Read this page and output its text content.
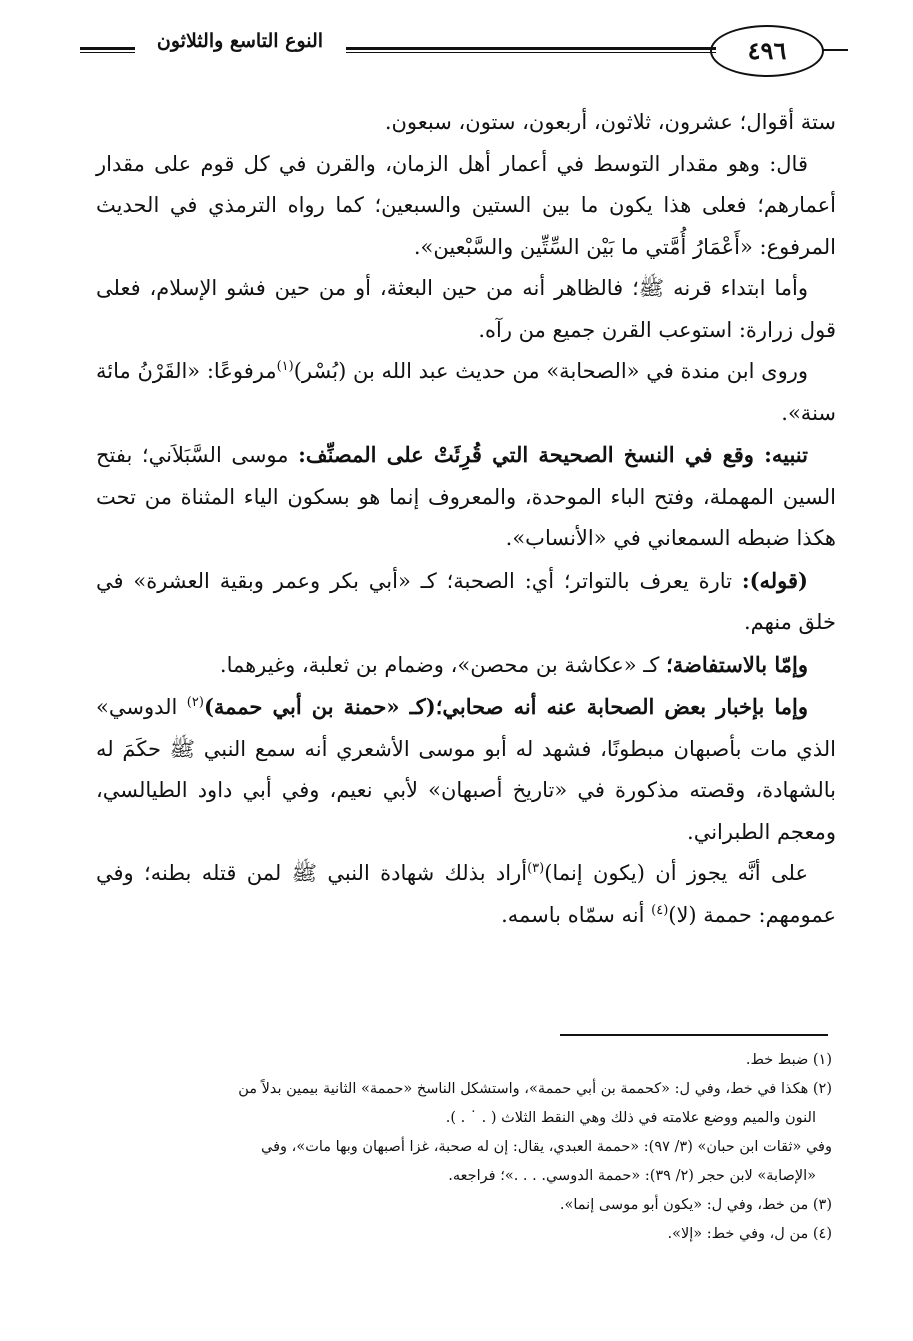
النوع التاسع والثلاثون	٤٩٦

ستة أقوال؛ عشرون، ثلاثون، أربعون، ستون، سبعون.

قال: وهو مقدار التوسط في أعمار أهل الزمان، والقرن في كل قوم على مقدار أعمارهم؛ فعلى هذا يكون ما بين الستين والسبعين؛ كما رواه الترمذي في الحديث المرفوع: «أَعْمَارُ أُمَّتي ما بَيْن السِّتِّين والسَّبْعين».

وأما ابتداء قرنه ﷺ؛ فالظاهر أنه من حين البعثة، أو من حين فشو الإسلام، فعلى قول زرارة: استوعب القرن جميع من رآه.

وروى ابن مندة في «الصحابة» من حديث عبد الله بن (بُسْر)$^{(١)}$مرفوعًا: «القَرْنُ مائة سنة».

تنبيه: وقع في النسخ الصحيحة التي قُرِئَتْ على المصنِّف: موسى السَّبَلاَني؛ بفتح السين المهملة، وفتح الباء الموحدة، والمعروف إنما هو بسكون الياء المثناة من تحت هكذا ضبطه السمعاني في «الأنساب».

(قوله): تارة يعرف بالتواتر؛ أي: الصحبة؛ كـ «أبي بكر وعمر وبقية العشرة» في خلق منهم.

وإمّا بالاستفاضة؛ كـ «عكاشة بن محصن»، وضمام بن ثعلبة، وغيرهما.

وإما بإخبار بعض الصحابة عنه أنه صحابي؛(كـ «حمنة بن أبي حممة)$^{(٢)}$ الدوسي» الذي مات بأصبهان مبطونًا، فشهد له أبو موسى الأشعري أنه سمع النبي ﷺ حكَمَ له بالشهادة، وقصته مذكورة في «تاريخ أصبهان» لأبي نعيم، وفي أبي داود الطيالسي، ومعجم الطبراني.

على أنَّه يجوز أن (يكون إنما)$^{(٣)}$أراد بذلك شهادة النبي ﷺ لمن قتله بطنه؛ وفي عمومهم: حممة (لا)$^{(٤)}$ أنه سمّاه باسمه.

(١) ضبط خط.

(٢) هكذا في خط، وفي ل: «كحممة بن أبي حممة»، واستشكل الناسخ «حممة» الثانية بيمين بدلاً من

النون والميم ووضع علامته في ذلك وهي النقط الثلاث ( . ˙ . ).

وفي «ثقات ابن حبان» (٣/ ٩٧): «حممة العبدي، يقال: إن له صحبة، غزا أصبهان وبها مات»، وفي

«الإصابة» لابن حجر (٢/ ٣٩): «حممة الدوسي. . . .»؛ فراجعه.

(٣) من خط، وفي ل: «يكون أبو موسى إنما».

(٤) من ل، وفي خط: «إلا».
